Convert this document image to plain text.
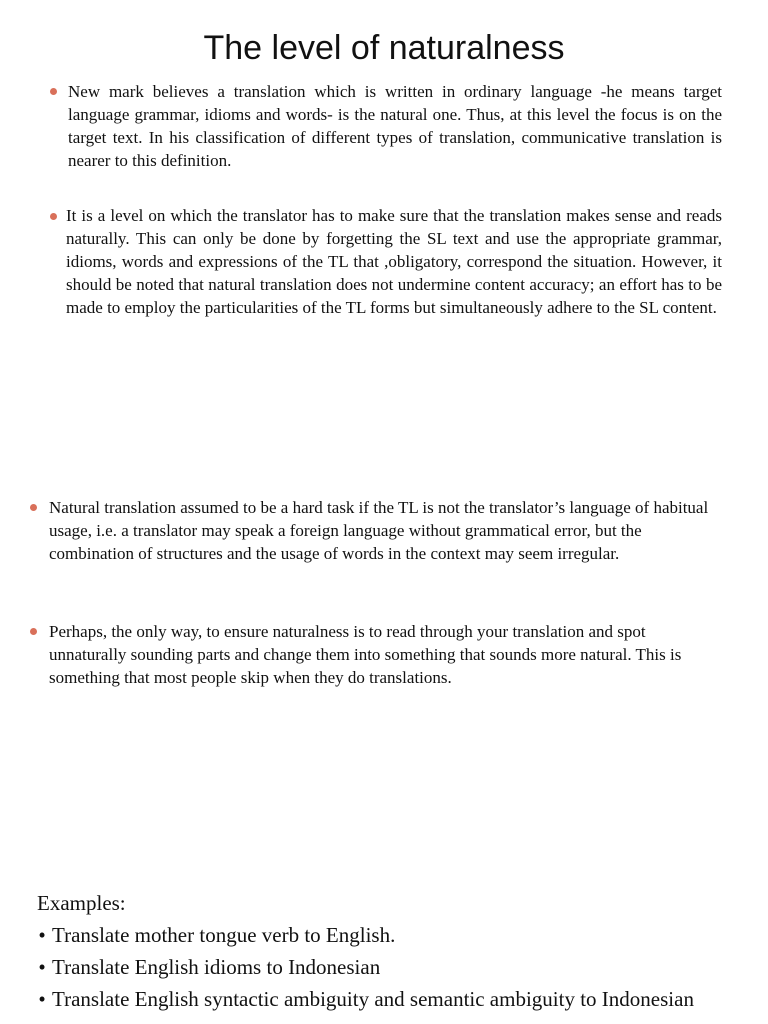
The level of naturalness
New mark believes a translation which is written in ordinary language -he means target language grammar, idioms and words- is the natural one. Thus, at this level the focus is on the target text. In his classification of different types of translation, communicative translation is nearer to this definition.
It is a level on which the translator has to make sure that the translation makes sense and reads naturally. This can only be done by forgetting the SL text and use the appropriate grammar, idioms, words and expressions of the TL that ,obligatory, correspond the situation. However, it should be noted that natural translation does not undermine content accuracy; an effort has to be made to employ the particularities of the TL forms but simultaneously adhere to the SL content.
Natural translation assumed to be a hard task if the TL is not the translator’s language of habitual usage, i.e. a translator may speak a foreign language without grammatical error, but the combination of structures and the usage of words in the context may seem irregular.
Perhaps, the only way, to ensure naturalness is to read through your translation and spot unnaturally sounding parts and change them into something that sounds more natural. This is something that most people skip when they do translations.
Examples:
• Translate mother tongue verb to English.
• Translate English idioms to Indonesian
• Translate English syntactic ambiguity and semantic ambiguity to Indonesian
